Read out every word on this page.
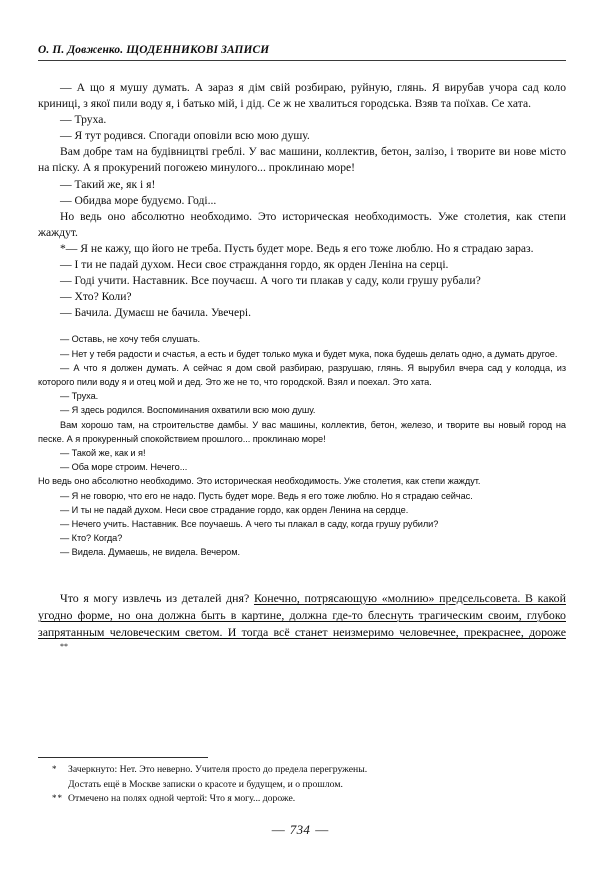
О. П. Довженко. ЩОДЕННИКОВІ ЗАПИСИ

— А що я мушу думать. А зараз я дім свій розбираю, руйную, глянь. Я вирубав учора сад коло криниці, з якої пили воду я, і батько мій, і дід. Се ж не хвалиться городська. Взяв та поїхав. Се хата.

— Труха.

— Я тут родився. Спогади оповіли всю мою душу.

Вам добре там на будівництві греблі. У вас машини, коллектив, бетон, залізо, і творите ви нове місто на піску. А я прокурений погожею минулого... проклинаю море!

— Такий же, як і я!

— Обидва море будуємо. Годі...

Но ведь оно абсолютно необходимо. Это историческая необходимость. Уже столетия, как степи жаждут.

*— Я не кажу, що його не треба. Пусть будет море. Ведь я его тоже люблю. Но я страдаю зараз.

— І ти не падай духом. Неси своє страждання гордо, як орден Леніна на серці.

— Годі учити. Наставник. Все поучаєш. А чого ти плакав у саду, коли грушу рубали?

— Хто? Коли?

— Бачила. Думаєш не бачила. Увечері.

— Оставь, не хочу тебя слушать.

— Нет у тебя радости и счастья, а есть и будет только мука и будет мука, пока будешь делать одно, а думать другое.

— А что я должен думать. А сейчас я дом свой разбираю, разрушаю, глянь. Я вырубил вчера сад у колодца, из которого пили воду я и отец мой и дед. Это же не то, что городской. Взял и поехал. Это хата.

— Труха.

— Я здесь родился. Воспоминания охватили всю мою душу.

Вам хорошо там, на строительстве дамбы. У вас машины, коллектив, бетон, железо, и творите вы новый город на песке. А я прокуренный спокойствием прошлого... проклинаю море!

— Такой же, как и я!

— Оба море строим. Нечего...

Но ведь оно абсолютно необходимо. Это историческая необходимость. Уже столетия, как степи жаждут.

— Я не говорю, что его не надо. Пусть будет море. Ведь я его тоже люблю. Но я страдаю сейчас.

— И ты не падай духом. Неси свое страдание гордо, как орден Ленина на сердце.

— Нечего учить. Наставник. Все поучаешь. А чего ты плакал в саду, когда грушу рубили?

— Кто? Когда?

— Видела. Думаешь, не видела. Вечером.

Что я могу извлечь из деталей дня? Конечно, потрясающую «молнию» предсельсовета. В какой угодно форме, но она должна быть в картине, должна где-то блеснуть трагическим своим, глубоко запрятанным человеческим светом. И тогда всё станет неизмеримо человечнее, прекраснее, дороже**

* Зачеркнуто: Нет. Это неверно. Учителя просто до предела перегружены.
Достать ещё в Москве записки о красоте и будущем, и о прошлом.
** Отмечено на полях одной чертой: Что я могу... дороже.
— 734 —
